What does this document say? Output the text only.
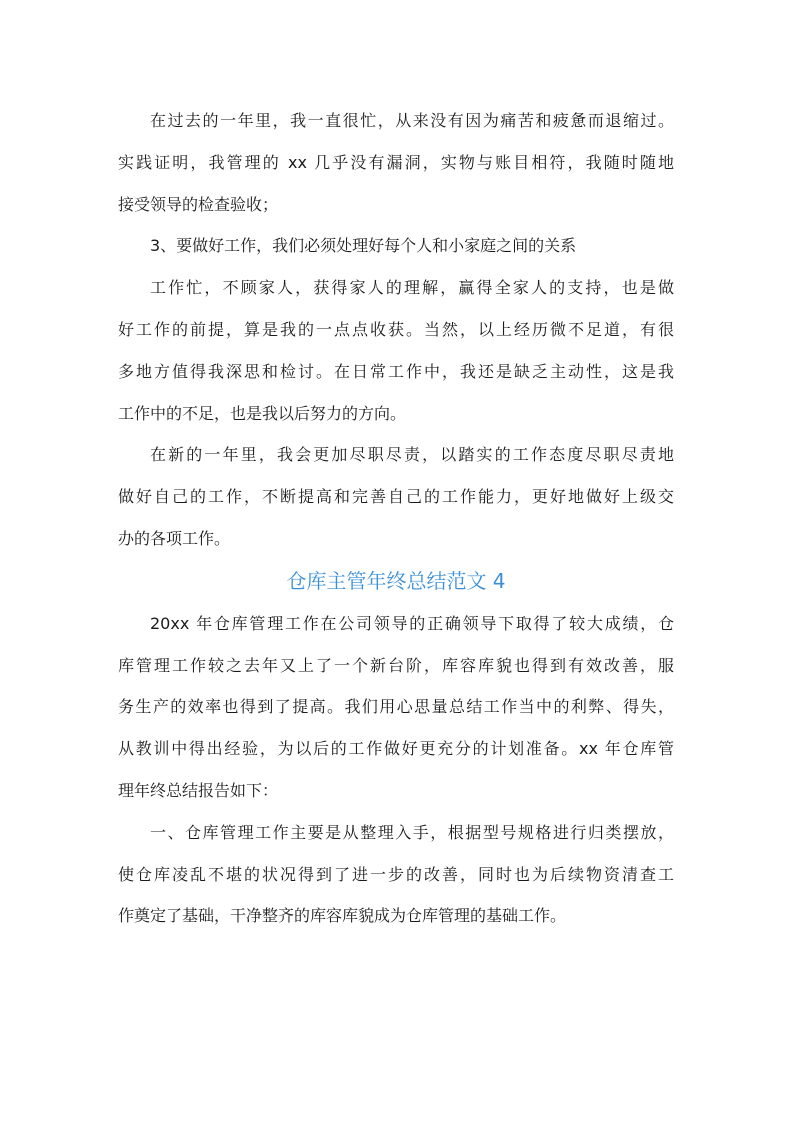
在过去的一年里，我一直很忙，从来没有因为痛苦和疲惫而退缩过。
实践证明，我管理的 xx 几乎没有漏洞，实物与账目相符，我随时随地
接受领导的检查验收；
3、要做好工作，我们必须处理好每个人和小家庭之间的关系
工作忙，不顾家人，获得家人的理解，赢得全家人的支持，也是做
好工作的前提，算是我的一点点收获。当然，以上经历微不足道，有很
多地方值得我深思和检讨。在日常工作中，我还是缺乏主动性，这是我
工作中的不足，也是我以后努力的方向。
在新的一年里，我会更加尽职尽责，以踏实的工作态度尽职尽责地
做好自己的工作，不断提高和完善自己的工作能力，更好地做好上级交
办的各项工作。
仓库主管年终总结范文 4
20xx 年仓库管理工作在公司领导的正确领导下取得了较大成绩，仓
库管理工作较之去年又上了一个新台阶，库容库貌也得到有效改善，服
务生产的效率也得到了提高。我们用心思量总结工作当中的利弊、得失，
从教训中得出经验，为以后的工作做好更充分的计划准备。xx 年仓库管
理年终总结报告如下：
一、仓库管理工作主要是从整理入手，根据型号规格进行归类摆放，
使仓库凌乱不堪的状况得到了进一步的改善，同时也为后续物资清查工
作奠定了基础，干净整齐的库容库貌成为仓库管理的基础工作。
